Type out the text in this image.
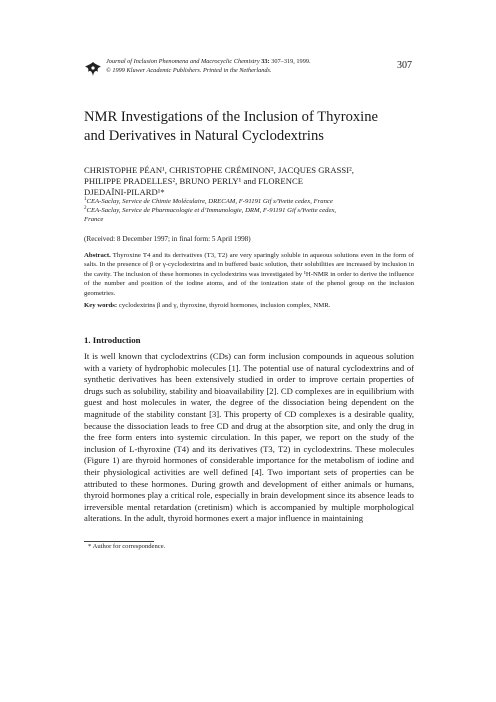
Journal of Inclusion Phenomena and Macrocyclic Chemistry 33: 307–319, 1999.
© 1999 Kluwer Academic Publishers. Printed in the Netherlands.	307
NMR Investigations of the Inclusion of Thyroxine
and Derivatives in Natural Cyclodextrins
CHRISTOPHE PÉAN¹, CHRISTOPHE CRÉMINON², JACQUES GRASSI²,
PHILIPPE PRADELLES², BRUNO PERLY¹ and FLORENCE
DJEDAÏNI-PILARD¹*
$^1$CEA-Saclay, Service de Chimie Moléculaire, DRECAM, F-91191 Gif s/Yvette cedex, France
$^2$CEA-Saclay, Service de Pharmacologie et d’Immunologie, DRM, F-91191 Gif s/Yvette cedex,
France
(Received: 8 December 1997; in final form: 5 April 1998)
Abstract. Thyroxine T4 and its derivatives (T3, T2) are very sparingly soluble in aqueous solutions even in the form of salts. In the presence of β or γ-cyclodextrins and in buffered basic solution, their solubilities are increased by inclusion in the cavity. The inclusion of these hormones in cyclodextrins was investigated by ¹H-NMR in order to derive the influence of the number and position of the iodine atoms, and of the ionization state of the phenol group on the inclusion geometries.
Key words: cyclodextrins β and γ, thyroxine, thyroid hormones, inclusion complex, NMR.
1. Introduction
It is well known that cyclodextrins (CDs) can form inclusion compounds in aqueous solution with a variety of hydrophobic molecules [1]. The potential use of natural cyclodextrins and of synthetic derivatives has been extensively studied in order to improve certain properties of drugs such as solubility, stability and bioavailability [2]. CD complexes are in equilibrium with guest and host molecules in water, the degree of the dissociation being dependent on the magnitude of the stability constant [3]. This property of CD complexes is a desirable quality, because the dissociation leads to free CD and drug at the absorption site, and only the drug in the free form enters into systemic circulation. In this paper, we report on the study of the inclusion of L-thyroxine (T4) and its derivatives (T3, T2) in cyclodextrins. These molecules (Figure 1) are thyroid hormones of considerable importance for the metabolism of iodine and their physiological activities are well defined [4]. Two important sets of properties can be attributed to these hormones. During growth and development of either animals or humans, thyroid hormones play a critical role, especially in brain development since its absence leads to irreversible mental retardation (cretinism) which is accompanied by multiple morphological alterations. In the adult, thyroid hormones exert a major influence in maintaining
* Author for correspondence.
